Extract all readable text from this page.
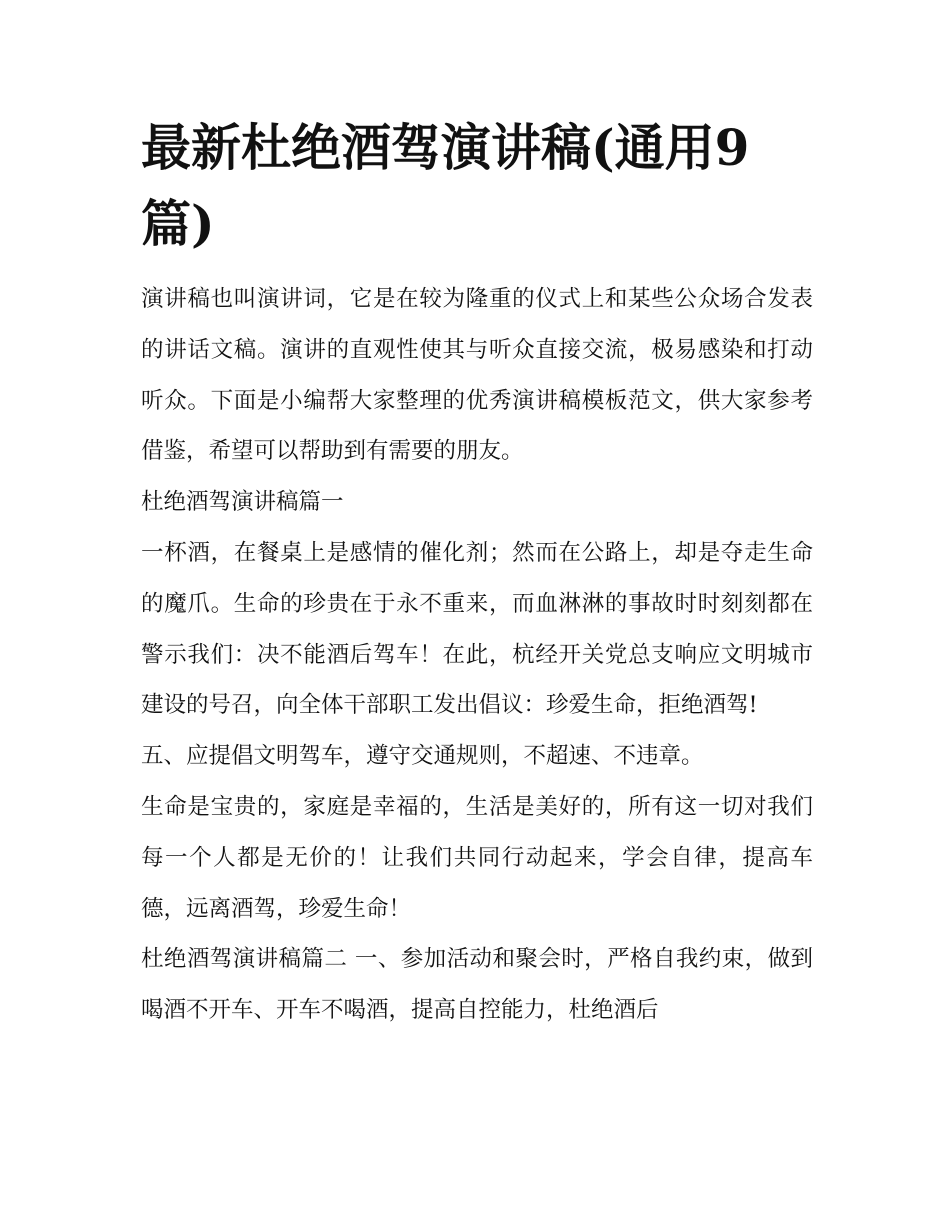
最新杜绝酒驾演讲稿(通用9篇)

演讲稿也叫演讲词，它是在较为隆重的仪式上和某些公众场合发表的讲话文稿。演讲的直观性使其与听众直接交流，极易感染和打动听众。下面是小编帮大家整理的优秀演讲稿模板范文，供大家参考借鉴，希望可以帮助到有需要的朋友。

杜绝酒驾演讲稿篇一

一杯酒，在餐桌上是感情的催化剂；然而在公路上，却是夺走生命的魔爪。生命的珍贵在于永不重来，而血淋淋的事故时时刻刻都在警示我们：决不能酒后驾车！在此，杭经开关党总支响应文明城市建设的号召，向全体干部职工发出倡议：珍爱生命，拒绝酒驾!

五、应提倡文明驾车，遵守交通规则，不超速、不违章。

生命是宝贵的，家庭是幸福的，生活是美好的，所有这一切对我们每一个人都是无价的！让我们共同行动起来，学会自律，提高车德，远离酒驾，珍爱生命！

杜绝酒驾演讲稿篇二 一、参加活动和聚会时，严格自我约束，做到喝酒不开车、开车不喝酒，提高自控能力，杜绝酒后
